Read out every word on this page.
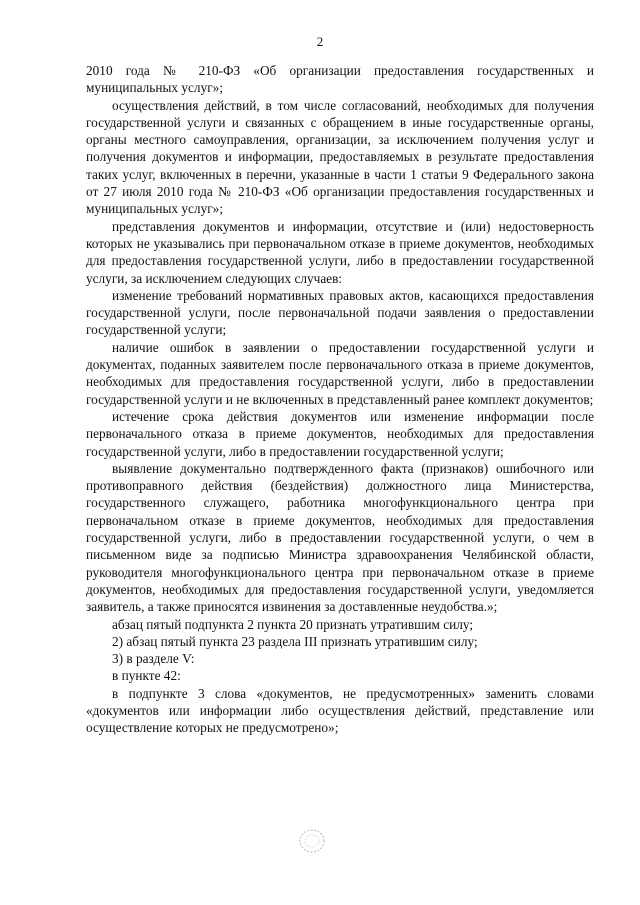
2

2010 года № 210-ФЗ «Об организации предоставления государственных и муниципальных услуг»;

осуществления действий, в том числе согласований, необходимых для получения государственной услуги и связанных с обращением в иные государственные органы, органы местного самоуправления, организации, за исключением получения услуг и получения документов и информации, предоставляемых в результате предоставления таких услуг, включенных в перечни, указанные в части 1 статьи 9 Федерального закона от 27 июля 2010 года № 210-ФЗ «Об организации предоставления государственных и муниципальных услуг»;

представления документов и информации, отсутствие и (или) недостоверность которых не указывались при первоначальном отказе в приеме документов, необходимых для предоставления государственной услуги, либо в предоставлении государственной услуги, за исключением следующих случаев:

изменение требований нормативных правовых актов, касающихся предоставления государственной услуги, после первоначальной подачи заявления о предоставлении государственной услуги;

наличие ошибок в заявлении о предоставлении государственной услуги и документах, поданных заявителем после первоначального отказа в приеме документов, необходимых для предоставления государственной услуги, либо в предоставлении государственной услуги и не включенных в представленный ранее комплект документов;

истечение срока действия документов или изменение информации после первоначального отказа в приеме документов, необходимых для предоставления государственной услуги, либо в предоставлении государственной услуги;

выявление документально подтвержденного факта (признаков) ошибочного или противоправного действия (бездействия) должностного лица Министерства, государственного служащего, работника многофункционального центра при первоначальном отказе в приеме документов, необходимых для предоставления государственной услуги, либо в предоставлении государственной услуги, о чем в письменном виде за подписью Министра здравоохранения Челябинской области, руководителя многофункционального центра при первоначальном отказе в приеме документов, необходимых для предоставления государственной услуги, уведомляется заявитель, а также приносятся извинения за доставленные неудобства.»;

абзац пятый подпункта 2 пункта 20 признать утратившим силу;

2) абзац пятый пункта 23 раздела III признать утратившим силу;

3) в разделе V:

в пункте 42:

в подпункте 3 слова «документов, не предусмотренных» заменить словами «документов или информации либо осуществления действий, представление или осуществление которых не предусмотрено»;
